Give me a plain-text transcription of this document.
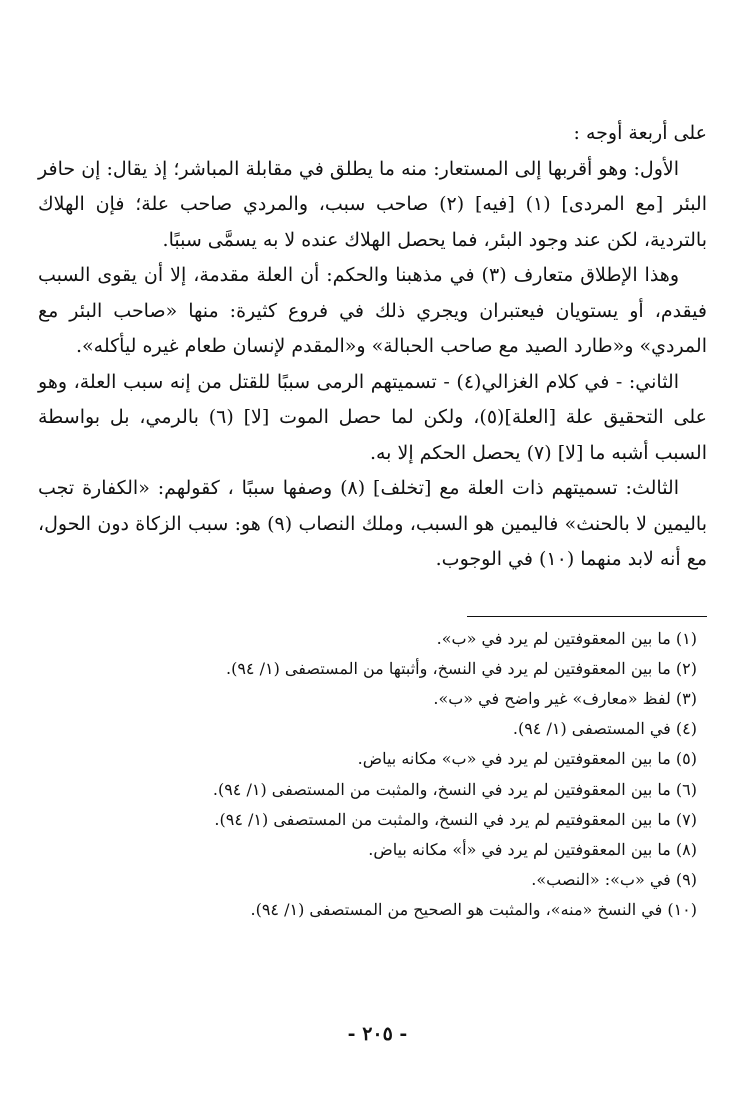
على أربعة أوجه :

الأول: وهو أقربها إلى المستعار: منه ما يطلق في مقابلة المباشر؛ إذ يقال: إن حافر البئر [مع المردى] (١) [فيه] (٢) صاحب سبب، والمردي صاحب علة؛ فإن الهلاك بالتردية، لكن عند وجود البئر، فما يحصل الهلاك عنده لا به يسمَّى سببًا.

وهذا الإطلاق متعارف (٣) في مذهبنا والحكم: أن العلة مقدمة، إلا أن يقوى السبب فيقدم، أو يستويان فيعتبران ويجري ذلك في فروع كثيرة: منها «صاحب البئر مع المردي» و«طارد الصيد مع صاحب الحبالة» و«المقدم لإنسان طعام غيره ليأكله».

الثاني: - في كلام الغزالي(٤) - تسميتهم الرمى سببًا للقتل من إنه سبب العلة، وهو على التحقيق علة [العلة](٥)، ولكن لما حصل الموت [لا] (٦) بالرمي، بل بواسطة السبب أشبه ما [لا] (٧) يحصل الحكم إلا به.

الثالث: تسميتهم ذات العلة مع [تخلف] (٨) وصفها سببًا ، كقولهم: «الكفارة تجب باليمين لا بالحنث» فاليمين هو السبب، وملك النصاب (٩) هو: سبب الزكاة دون الحول، مع أنه لابد منهما (١٠) في الوجوب.

(١) ما بين المعقوفتين لم يرد في «ب».
(٢) ما بين المعقوفتين لم يرد في النسخ، وأثبتها من المستصفى (١/ ٩٤).
(٣) لفظ «معارف» غير واضح في «ب».
(٤) في المستصفى (١/ ٩٤).
(٥) ما بين المعقوفتين لم يرد في «ب» مكانه بياض.
(٦) ما بين المعقوفتين لم يرد في النسخ، والمثبت من المستصفى (١/ ٩٤).
(٧) ما بين المعقوفتيم لم يرد في النسخ، والمثبت من المستصفى (١/ ٩٤).
(٨) ما بين المعقوفتين لم يرد في «أ» مكانه بياض.
(٩) في «ب»: «النصب».
(١٠) في النسخ «منه»، والمثبت هو الصحيح من المستصفى (١/ ٩٤).
- ٢٠٥ -
